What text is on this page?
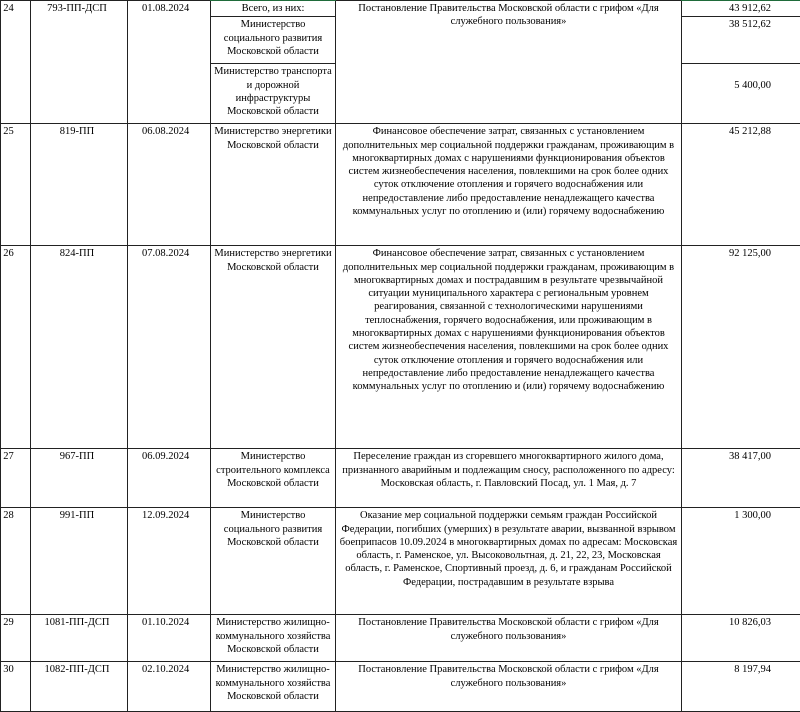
24	793-ПП-ДСП	01.08.2024	Всего, из них:	Постановление Правительства Московской области с грифом «Для служебного пользования»	43 912,62
			Министерство социального развития Московской области		38 512,62
			Министерство транспорта и дорожной инфраструктуры Московской области		5 400,00
25	819-ПП	06.08.2024	Министерство энергетики Московской области	Финансовое обеспечение затрат, связанных с установлением дополнительных мер социальной поддержки гражданам, проживающим в многоквартирных домах с нарушениями функционирования объектов систем жизнеобеспечения населения, повлекшими на срок более одних суток отключение отопления и горячего водоснабжения или непредоставление либо предоставление ненадлежащего качества коммунальных услуг по отоплению и (или) горячему водоснабжению	45 212,88
26	824-ПП	07.08.2024	Министерство энергетики Московской области	Финансовое обеспечение затрат, связанных с установлением дополнительных мер социальной поддержки гражданам, проживающим в многоквартирных домах и пострадавшим в результате чрезвычайной ситуации муниципального характера с региональным уровнем реагирования, связанной с технологическими нарушениями теплоснабжения, горячего водоснабжения, или проживающим в многоквартирных домах с нарушениями функционирования объектов систем жизнеобеспечения населения, повлекшими на срок более одних суток отключение отопления и горячего водоснабжения или непредоставление либо предоставление ненадлежащего качества коммунальных услуг по отоплению и (или) горячему водоснабжению	92 125,00
27	967-ПП	06.09.2024	Министерство строительного комплекса Московской области	Переселение граждан из сгоревшего многоквартирного жилого дома, признанного аварийным и подлежащим сносу, расположенного по адресу: Московская область, г. Павловский Посад, ул. 1 Мая, д. 7	38 417,00
28	991-ПП	12.09.2024	Министерство социального развития Московской области	Оказание мер социальной поддержки семьям граждан Российской Федерации, погибших (умерших) в результате аварии, вызванной взрывом боеприпасов 10.09.2024 в многоквартирных домах по адресам: Московская область, г. Раменское, ул. Высоковольтная, д. 21, 22, 23, Московская область, г. Раменское, Спортивный проезд, д. 6, и гражданам Российской Федерации, пострадавшим в результате взрыва	1 300,00
29	1081-ПП-ДСП	01.10.2024	Министерство жилищно-коммунального хозяйства Московской области	Постановление Правительства Московской области с грифом «Для служебного пользования»	10 826,03
30	1082-ПП-ДСП	02.10.2024	Министерство жилищно-коммунального хозяйства Московской области	Постановление Правительства Московской области с грифом «Для служебного пользования»	8 197,94
